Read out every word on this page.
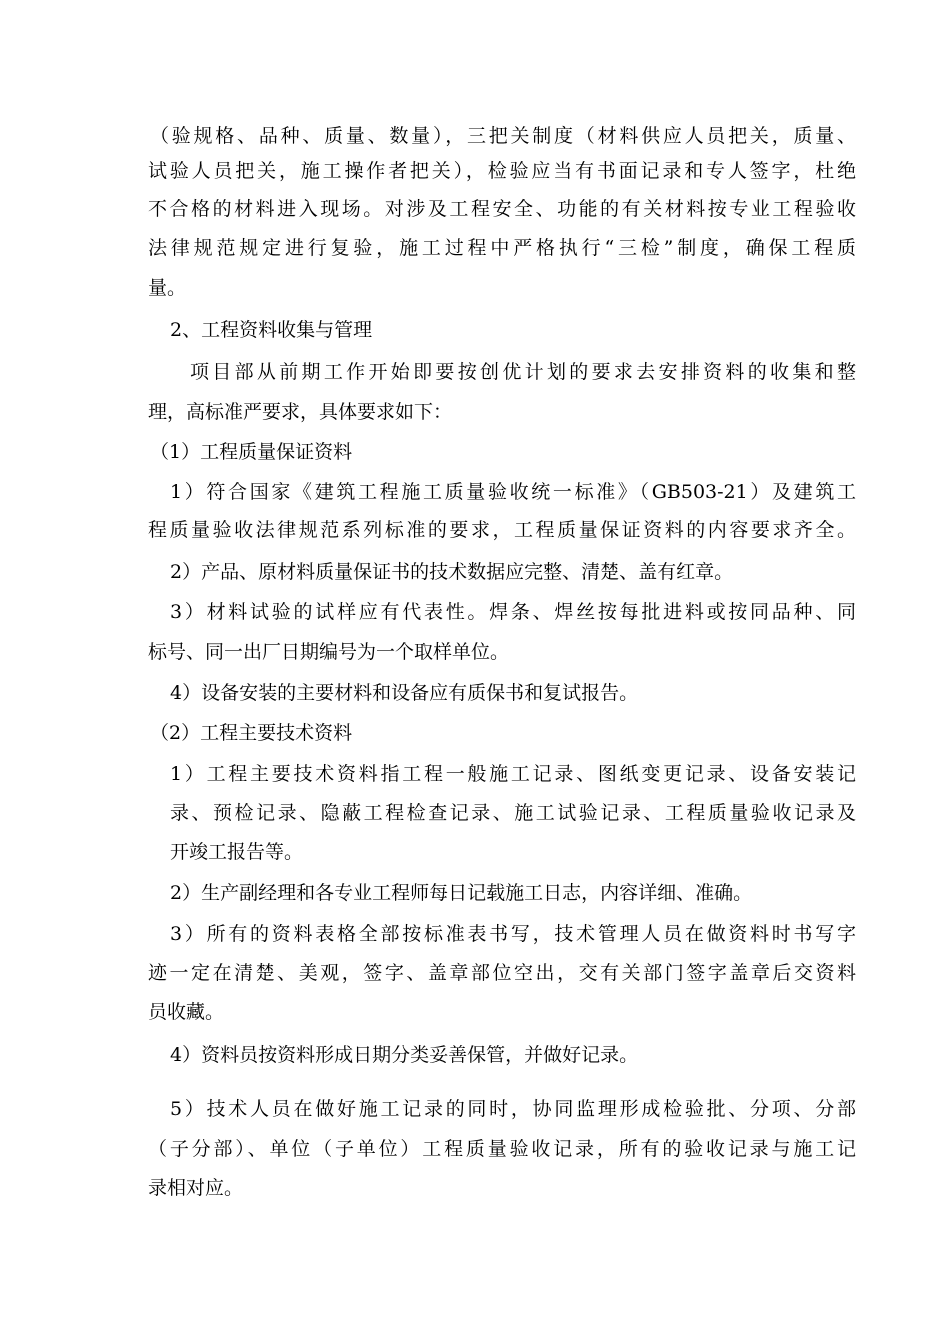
（验规格、品种、质量、数量），三把关制度（材料供应人员把关，质量、
试验人员把关，施工操作者把关），检验应当有书面记录和专人签字，杜绝
不合格的材料进入现场。对涉及工程安全、功能的有关材料按专业工程验收
法律规范规定进行复验，施工过程中严格执行“三检”制度，确保工程质
量。
2、工程资料收集与管理
项目部从前期工作开始即要按创优计划的要求去安排资料的收集和整
理，高标准严要求，具体要求如下：
（1）工程质量保证资料
1）符合国家《建筑工程施工质量验收统一标准》（GB503-21）及建筑工
程质量验收法律规范系列标准的要求，工程质量保证资料的内容要求齐全。
2）产品、原材料质量保证书的技术数据应完整、清楚、盖有红章。
3）材料试验的试样应有代表性。焊条、焊丝按每批进料或按同品种、同
标号、同一出厂日期编号为一个取样单位。
4）设备安装的主要材料和设备应有质保书和复试报告。
（2）工程主要技术资料
1）工程主要技术资料指工程一般施工记录、图纸变更记录、设备安装记
录、预检记录、隐蔽工程检查记录、施工试验记录、工程质量验收记录及
开竣工报告等。
2）生产副经理和各专业工程师每日记载施工日志，内容详细、准确。
3）所有的资料表格全部按标准表书写，技术管理人员在做资料时书写字
迹一定在清楚、美观，签字、盖章部位空出，交有关部门签字盖章后交资料
员收藏。
4）资料员按资料形成日期分类妥善保管，并做好记录。
5）技术人员在做好施工记录的同时，协同监理形成检验批、分项、分部
（子分部）、单位（子单位）工程质量验收记录，所有的验收记录与施工记
录相对应。
